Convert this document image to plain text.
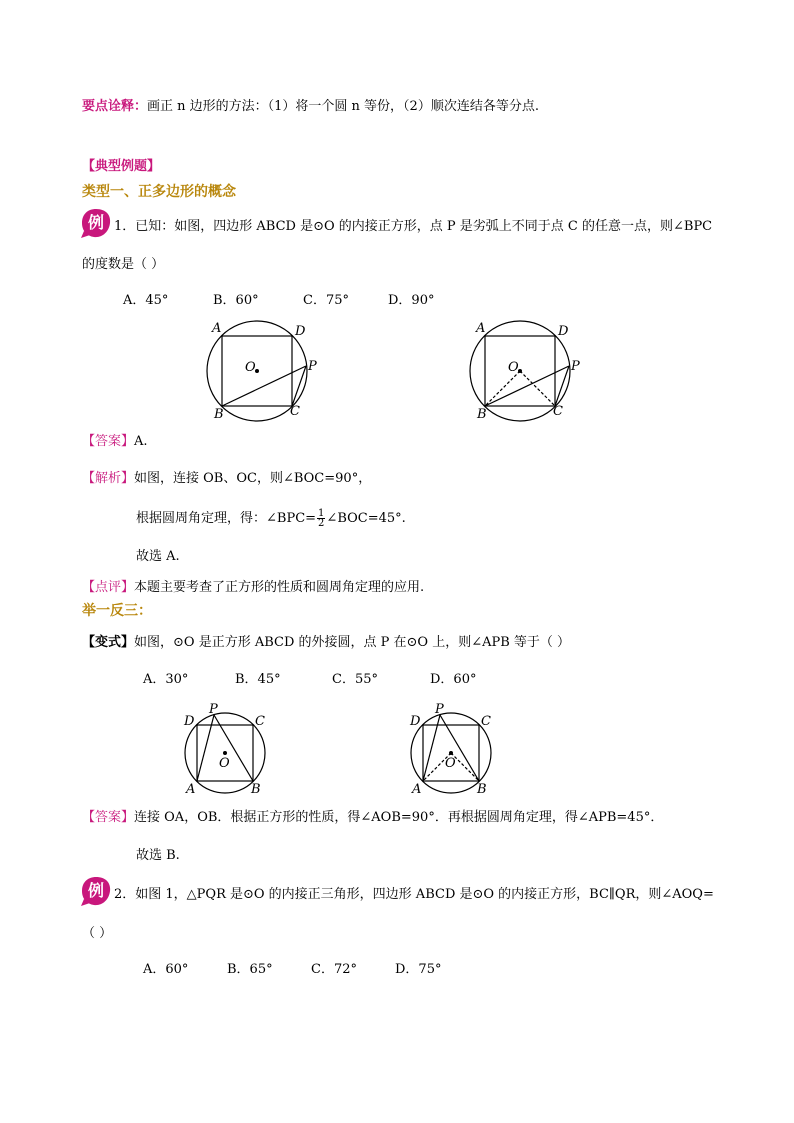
要点诠释：画正 n 边形的方法：（1）将一个圆 n 等份，（2）顺次连结各等分点.
【典型例题】
类型一、正多边形的概念
例 1．已知：如图，四边形 ABCD 是⊙O 的内接正方形，点 P 是劣弧上不同于点 C 的任意一点，则∠BPC
的度数是（ ）
A．45°	B．60°	C．75°	D．90°
A	D
O	P
B	C
A	D
O	P
B	C
【答案】A.
【解析】如图，连接 OB、OC，则∠BOC=90°，
根据圆周角定理，得：∠BPC= $\frac{1}{2}$ ∠BOC=45°.
故选 A.
【点评】本题主要考查了正方形的性质和圆周角定理的应用.
举一反三：
【变式】如图，⊙O 是正方形 ABCD 的外接圆，点 P 在⊙O 上，则∠APB 等于（ ）
A．30°	B．45°	C．55°	D．60°
D
P
C
O
A	B
D
P
C
O
A	B
【答案】连接 OA，OB．根据正方形的性质，得∠AOB=90°．再根据圆周角定理，得∠APB=45°．
故选 B.
例 2．如图 1，△PQR 是⊙O 的内接正三角形，四边形 ABCD 是⊙O 的内接正方形，BC∥QR，则∠AOQ=
（ ）
A．60°	B．65°	C．72°	D．75°
